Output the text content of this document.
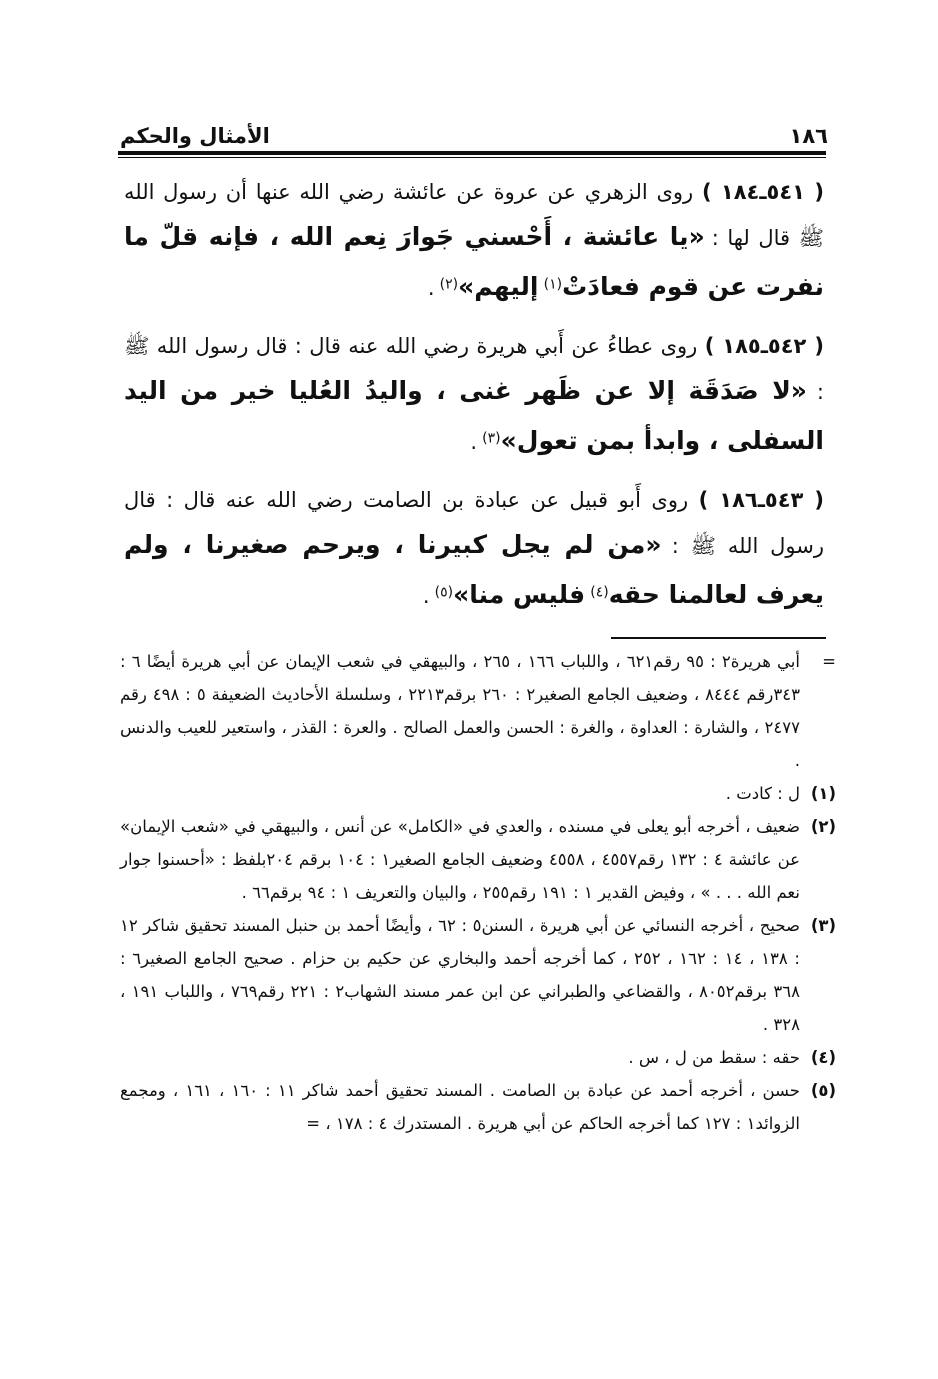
١٨٦
الأمثال والحكم

( ٥٤١ـ١٨٤ ) روى الزهري عن عروة عن عائشة رضي الله عنها أن رسول الله ﷺ قال لها : «يا عائشة ، أَحْسني جَوارَ نِعم الله ، فإنه قلّ ما نفرت عن قوم فعادَتْ(١) إليهم»(٢) .

( ٥٤٢ـ١٨٥ ) روى عطاءُ عن أَبي هريرة رضي الله عنه قال : قال رسول الله ﷺ : «لا صَدَقَة إلا عن ظَهر غنى ، واليدُ العُليا خير من اليد السفلى ، وابدأ بمن تعول»(٣) .

( ٥٤٣ـ١٨٦ ) روى أَبو قبيل عن عبادة بن الصامت رضي الله عنه قال : قال رسول الله ﷺ : «من لم يجل كبيرنا ، ويرحم صغيرنا ، ولم يعرف لعالمنا حقه(٤) فليس منا»(٥) .

=
أبي هريرة٢ : ٩٥ رقم٦٢١ ، واللباب ١٦٦ ، ٢٦٥ ، والبيهقي في شعب الإيمان عن أبي هريرة أيضًا ٦ : ٣٤٣رقم ٨٤٤٤ ، وضعيف الجامع الصغير٢ : ٢٦٠ برقم٢٢١٣ ، وسلسلة الأحاديث الضعيفة ٥ : ٤٩٨ رقم ٢٤٧٧ ، والشارة : العداوة ، والغرة : الحسن والعمل الصالح . والعرة : القذر ، واستعير للعيب والدنس .
(١)
ل : كادت .
(٢)
ضعيف ، أخرجه أبو يعلى في مسنده ، والعدي في «الكامل» عن أنس ، والبيهقي في «شعب الإيمان» عن عائشة ٤ : ١٣٢ رقم٤٥٥٧ ، ٤٥٥٨ وضعيف الجامع الصغير١ : ١٠٤ برقم ٢٠٤بلفظ : «أحسنوا جوار نعم الله . . . » ، وفيض القدير ١ : ١٩١ رقم٢٥٥ ، والبيان والتعريف ١ : ٩٤ برقم٦٦ .
(٣)
صحيح ، أخرجه النسائي عن أبي هريرة ، السنن٥ : ٦٢ ، وأيضًا أحمد بن حنبل المسند تحقيق شاكر ١٢ : ١٣٨ ، ١٤ : ١٦٢ ، ٢٥٢ ، كما أخرجه أحمد والبخاري عن حكيم بن حزام . صحيح الجامع الصغير٦ : ٣٦٨ برقم٨٠٥٢ ، والقضاعي والطبراني عن ابن عمر مسند الشهاب٢ : ٢٢١ رقم٧٦٩ ، واللباب ١٩١ ، ٣٢٨ .
(٤)
حقه : سقط من ل ، س .
(٥)
حسن ، أخرجه أحمد عن عبادة بن الصامت . المسند تحقيق أحمد شاكر ١١ : ١٦٠ ، ١٦١ ، ومجمع الزوائد١ : ١٢٧ كما أخرجه الحاكم عن أبي هريرة . المستدرك ٤ : ١٧٨ ، =
